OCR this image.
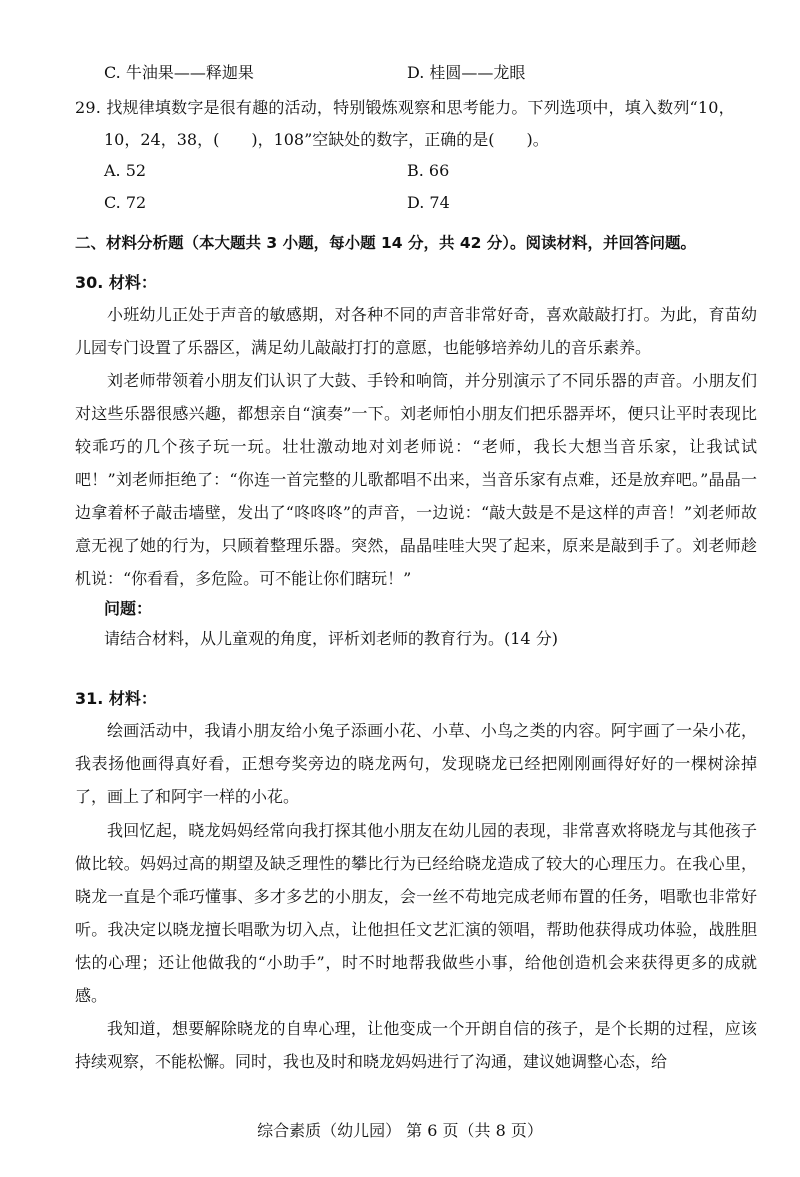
C. 牛油果——释迦果	D. 桂圆——龙眼
29. 找规律填数字是很有趣的活动，特别锻炼观察和思考能力。下列选项中，填入数列“10，
10，24，38，(　　)，108”空缺处的数字，正确的是(　　)。
A. 52	B. 66
C. 72	D. 74
二、材料分析题（本大题共 3 小题，每小题 14 分，共 42 分）。阅读材料，并回答问题。
30. 材料：
小班幼儿正处于声音的敏感期，对各种不同的声音非常好奇，喜欢敲敲打打。为此，育苗幼儿园专门设置了乐器区，满足幼儿敲敲打打的意愿，也能够培养幼儿的音乐素养。
刘老师带领着小朋友们认识了大鼓、手铃和响筒，并分别演示了不同乐器的声音。小朋友们对这些乐器很感兴趣，都想亲自“演奏”一下。刘老师怕小朋友们把乐器弄坏，便只让平时表现比较乖巧的几个孩子玩一玩。壮壮激动地对刘老师说：“老师，我长大想当音乐家，让我试试吧！”刘老师拒绝了：“你连一首完整的儿歌都唱不出来，当音乐家有点难，还是放弃吧。”晶晶一边拿着杯子敲击墙壁，发出了“咚咚咚”的声音，一边说：“敲大鼓是不是这样的声音！”刘老师故意无视了她的行为，只顾着整理乐器。突然，晶晶哇哇大哭了起来，原来是敲到手了。刘老师趁机说：“你看看，多危险。可不能让你们瞎玩！”
问题：
请结合材料，从儿童观的角度，评析刘老师的教育行为。(14 分)
31. 材料：
绘画活动中，我请小朋友给小兔子添画小花、小草、小鸟之类的内容。阿宇画了一朵小花，我表扬他画得真好看，正想夸奖旁边的晓龙两句，发现晓龙已经把刚刚画得好好的一棵树涂掉了，画上了和阿宇一样的小花。
我回忆起，晓龙妈妈经常向我打探其他小朋友在幼儿园的表现，非常喜欢将晓龙与其他孩子做比较。妈妈过高的期望及缺乏理性的攀比行为已经给晓龙造成了较大的心理压力。在我心里，晓龙一直是个乖巧懂事、多才多艺的小朋友，会一丝不苟地完成老师布置的任务，唱歌也非常好听。我决定以晓龙擅长唱歌为切入点，让他担任文艺汇演的领唱，帮助他获得成功体验，战胜胆怯的心理；还让他做我的“小助手”，时不时地帮我做些小事，给他创造机会来获得更多的成就感。
我知道，想要解除晓龙的自卑心理，让他变成一个开朗自信的孩子，是个长期的过程，应该持续观察，不能松懈。同时，我也及时和晓龙妈妈进行了沟通，建议她调整心态，给
综合素质（幼儿园） 第 6 页（共 8 页）
